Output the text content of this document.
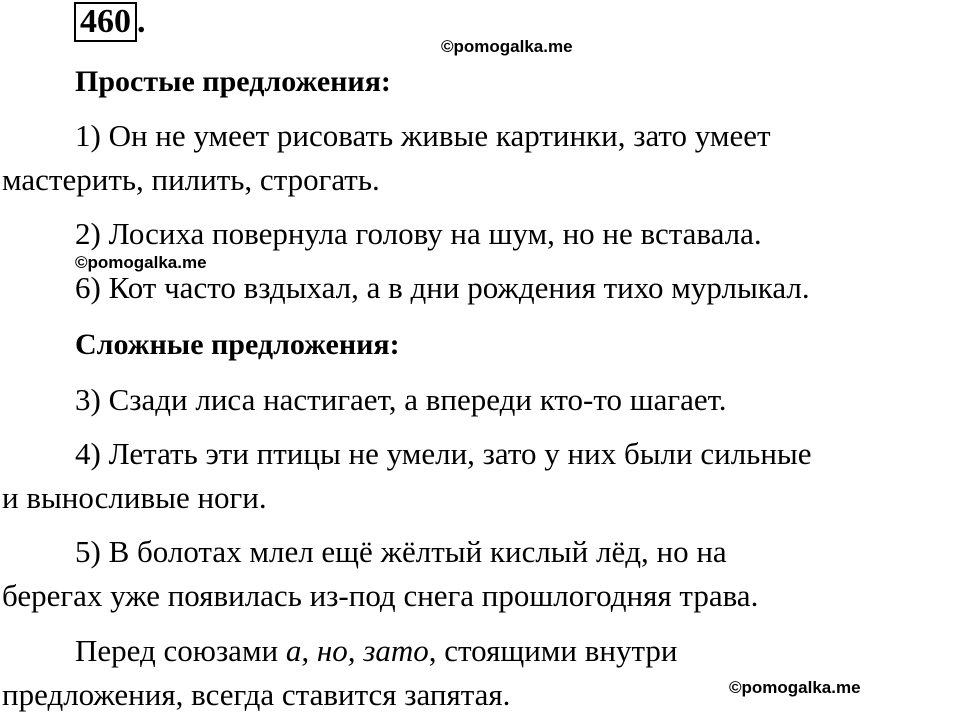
460 .
©pomogalka.me
Простые предложения:
1) Он не умеет рисовать живые картинки, зато умеет
мастерить, пилить, строгать.
2) Лосиха повернула голову на шум, но не вставала.
©pomogalka.me
6) Кот часто вздыхал, а в дни рождения тихо мурлыкал.
Сложные предложения:
3) Сзади лиса настигает, а впереди кто-то шагает.
4) Летать эти птицы не умели, зато у них были сильные
и выносливые ноги.
5) В болотах млел ещё жёлтый кислый лёд, но на
берегах уже появилась из-под снега прошлогодняя трава.
Перед союзами а, но, зато, стоящими внутри
предложения, всегда ставится запятая.	©pomogalka.me
